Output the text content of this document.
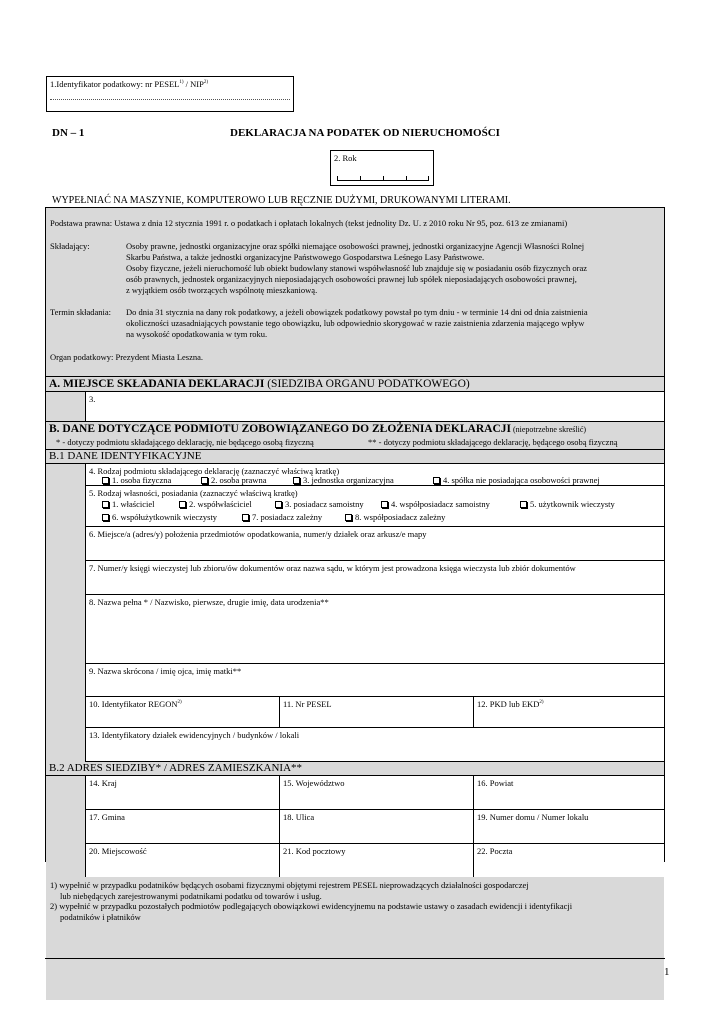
1.Identyfikator podatkowy: nr PESEL$^{1)}$ / NIP$^{2)}$
DN – 1	DEKLARACJA NA PODATEK OD NIERUCHOMOŚCI
2. Rok
WYPEŁNIAĆ NA MASZYNIE, KOMPUTEROWO LUB RĘCZNIE DUŻYMI, DRUKOWANYMI LITERAMI.
Podstawa prawna: Ustawa z dnia 12 stycznia 1991 r. o podatkach i opłatach lokalnych (tekst jednolity Dz. U. z 2010 roku Nr 95, poz. 613 ze zmianami)
Składający:	Osoby prawne, jednostki organizacyjne oraz spółki niemające osobowości prawnej, jednostki organizacyjne Agencji Własności Rolnej
Skarbu Państwa, a także jednostki organizacyjne Państwowego Gospodarstwa Leśnego Lasy Państwowe.
Osoby fizyczne, jeżeli nieruchomość lub obiekt budowlany stanowi współwłasność lub znajduje się w posiadaniu osób fizycznych oraz
osób prawnych, jednostek organizacyjnych nieposiadających osobowości prawnej lub spółek nieposiadających osobowości prawnej,
z wyjątkiem osób tworzących wspólnotę mieszkaniową.
Termin składania: Do dnia 31 stycznia na dany rok podatkowy, a jeżeli obowiązek podatkowy powstał po tym dniu - w terminie 14 dni od dnia zaistnienia
okoliczności uzasadniających powstanie tego obowiązku, lub odpowiednio skorygować w razie zaistnienia zdarzenia mającego wpływ
na wysokość opodatkowania w tym roku.
Organ podatkowy: Prezydent Miasta Leszna.
A. MIEJSCE SKŁADANIA DEKLARACJI (SIEDZIBA ORGANU PODATKOWEGO)
3.
B. DANE DOTYCZĄCE PODMIOTU ZOBOWIĄZANEGO DO ZŁOŻENIA DEKLARACJI (niepotrzebne skreślić)
* - dotyczy podmiotu składającego deklarację, nie będącego osobą fizyczną	** - dotyczy podmiotu składającego deklarację, będącego osobą fizyczną
B.1 DANE IDENTYFIKACYJNE
4. Rodzaj podmiotu składającego deklarację (zaznaczyć właściwą kratkę)
1. osoba fizyczna	2. osoba prawna	3. jednostka organizacyjna	4. spółka nie posiadająca osobowości prawnej
5. Rodzaj własności, posiadania (zaznaczyć właściwą kratkę)
1. właściciel	2. współwłaściciel	3. posiadacz samoistny	4. współposiadacz samoistny	5. użytkownik wieczysty
6. współużytkownik wieczysty	7. posiadacz zależny	8. współposiadacz zależny
6. Miejsce/a (adres/y) położenia przedmiotów opodatkowania, numer/y działek oraz arkusz/e mapy
7. Numer/y księgi wieczystej lub zbioru/ów dokumentów oraz nazwa sądu, w którym jest prowadzona księga wieczysta lub zbiór dokumentów
8. Nazwa pełna * / Nazwisko, pierwsze, drugie imię, data urodzenia**
9. Nazwa skrócona / imię ojca, imię matki**
10. Identyfikator REGON$^{2)}$	11. Nr PESEL	12. PKD lub EKD$^{2)}$
13. Identyfikatory działek ewidencyjnych / budynków / lokali
B.2 ADRES SIEDZIBY* / ADRES ZAMIESZKANIA**
14. Kraj	15. Województwo	16. Powiat
17. Gmina	18. Ulica	19. Numer domu / Numer lokalu
20. Miejscowość	21. Kod pocztowy	22. Poczta
1) wypełnić w przypadku podatników będących osobami fizycznymi objętymi rejestrem PESEL nieprowadzących działalności gospodarczej
lub niebędących zarejestrowanymi podatnikami podatku od towarów i usług.
2) wypełnić w przypadku pozostałych podmiotów podlegających obowiązkowi ewidencyjnemu na podstawie ustawy o zasadach ewidencji i identyfikacji
podatników i płatników
1
